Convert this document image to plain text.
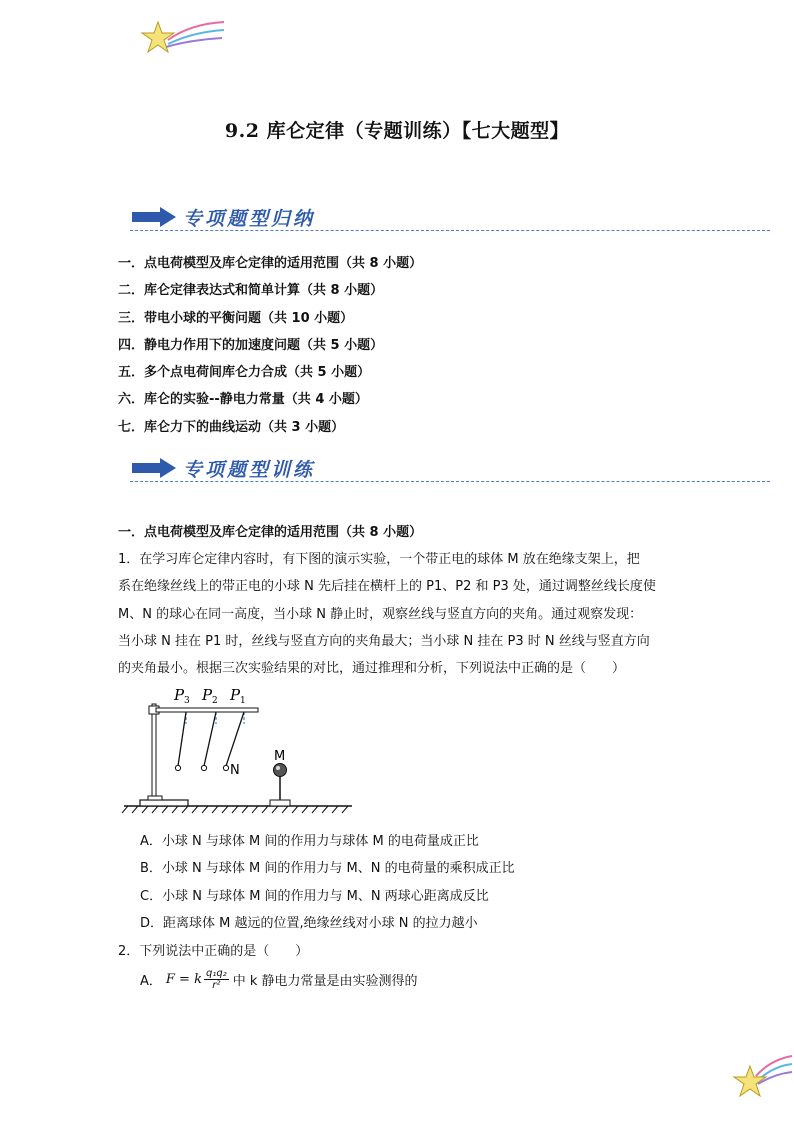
9.2 库仑定律（专题训练）【七大题型】
专项题型归纳
一．点电荷模型及库仑定律的适用范围（共 8 小题）
二．库仑定律表达式和简单计算（共 8 小题）
三．带电小球的平衡问题（共 10 小题）
四．静电力作用下的加速度问题（共 5 小题）
五．多个点电荷间库仑力合成（共 5 小题）
六．库仑的实验--静电力常量（共 4 小题）
七．库仑力下的曲线运动（共 3 小题）
专项题型训练
一．点电荷模型及库仑定律的适用范围（共 8 小题）
1．在学习库仑定律内容时，有下图的演示实验，一个带正电的球体 M 放在绝缘支架上，把
系在绝缘丝线上的带正电的小球 N 先后挂在横杆上的 P1、P2 和 P3 处，通过调整丝线长度使
M、N 的球心在同一高度，当小球 N 静止时，观察丝线与竖直方向的夹角。通过观察发现：
当小球 N 挂在 P1 时，丝线与竖直方向的夹角最大；当小球 N 挂在 P3 时 N 丝线与竖直方向
的夹角最小。根据三次实验结果的对比，通过推理和分析，下列说法中正确的是（　　）
P 3 P 2 P 1
M
N
A．小球 N 与球体 M 间的作用力与球体 M 的电荷量成正比
B．小球 N 与球体 M 间的作用力与 M、N 的电荷量的乘积成正比
C．小球 N 与球体 M 间的作用力与 M、N 两球心距离成反比
D．距离球体 M 越远的位置,绝缘丝线对小球 N 的拉力越小
2．下列说法中正确的是（　　）
A． F = k $\frac{\text{q₁q₂}}{\text{r²}}$ 中 k 静电力常量是由实验测得的
